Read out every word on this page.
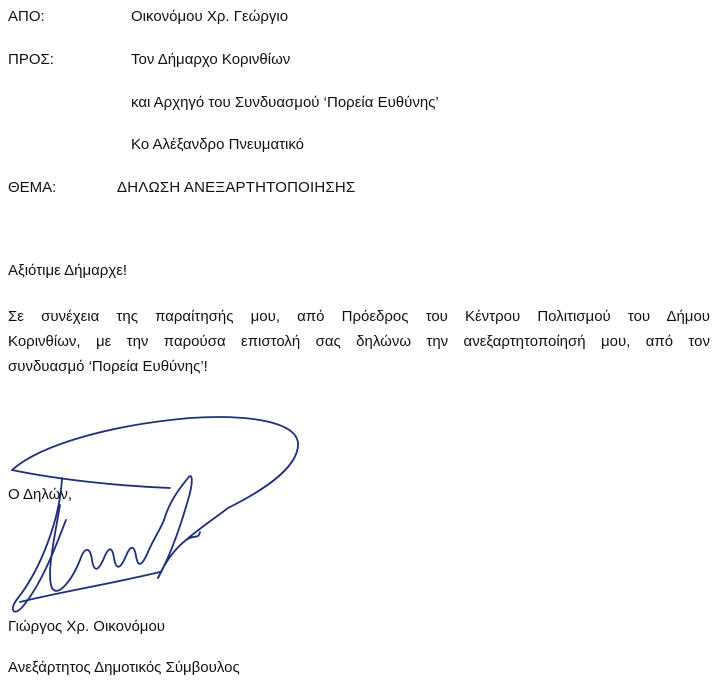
ΑΠΟ:	Οικονόμου Χρ. Γεώργιο
ΠΡΟΣ:	Τον Δήμαρχο Κορινθίων
και Αρχηγό του Συνδυασμού ‘Πορεία Ευθύνης’
Κο Αλέξανδρο Πνευματικό
ΘΕΜΑ:	ΔΗΛΩΣΗ ΑΝΕΞΑΡΤΗΤΟΠΟΙΗΣΗΣ
Αξιότιμε Δήμαρχε!
Σε συνέχεια της παραίτησής μου, από Πρόεδρος του Κέντρου Πολιτισμού του Δήμου
Κορινθίων, με την παρούσα επιστολή σας δηλώνω την ανεξαρτητοποίησή μου, από τον
συνδυασμό ‘Πορεία Ευθύνης’!
Ο Δηλών,
Γιώργος Χρ. Οικονόμου
Ανεξάρτητος Δημοτικός Σύμβουλος
